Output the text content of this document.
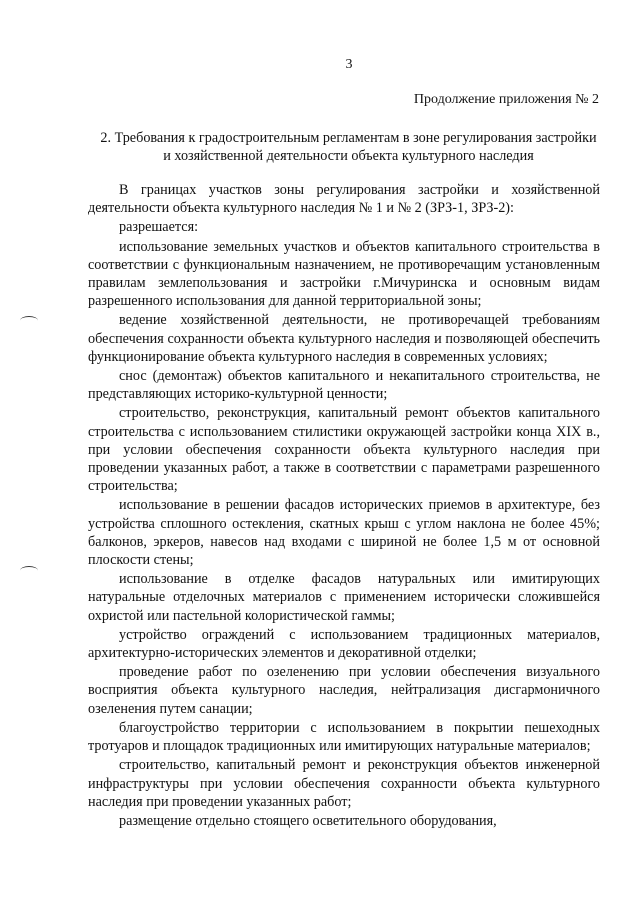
3
Продолжение приложения № 2
2. Требования к градостроительным регламентам в зоне регулирования застройки и хозяйственной деятельности объекта культурного наследия

В границах участков зоны регулирования застройки и хозяйственной деятельности объекта культурного наследия № 1 и № 2 (ЗРЗ-1, ЗРЗ-2):

разрешается:

использование земельных участков и объектов капитального строительства в соответствии с функциональным назначением, не противоречащим установленным правилам землепользования и застройки г.Мичуринска и основным видам разрешенного использования для данной территориальной зоны;

ведение хозяйственной деятельности, не противоречащей требованиям обеспечения сохранности объекта культурного наследия и позволяющей обеспечить функционирование объекта культурного наследия в современных условиях;

снос (демонтаж) объектов капитального и некапитального строительства, не представляющих историко-культурной ценности;

строительство, реконструкция, капитальный ремонт объектов капитального строительства с использованием стилистики окружающей застройки конца XIX в., при условии обеспечения сохранности объекта культурного наследия при проведении указанных работ, а также в соответствии с параметрами разрешенного строительства;

использование в решении фасадов исторических приемов в архитектуре, без устройства сплошного остекления, скатных крыш с углом наклона не более 45%; балконов, эркеров, навесов над входами с шириной не более 1,5 м от основной плоскости стены;

использование в отделке фасадов натуральных или имитирующих натуральные отделочных материалов с применением исторически сложившейся охристой или пастельной колористической гаммы;

устройство ограждений с использованием традиционных материалов, архитектурно-исторических элементов и декоративной отделки;

проведение работ по озеленению при условии обеспечения визуального восприятия объекта культурного наследия, нейтрализация дисгармоничного озеленения путем санации;

благоустройство территории с использованием в покрытии пешеходных тротуаров и площадок традиционных или имитирующих натуральные материалов;

строительство, капитальный ремонт и реконструкция объектов инженерной инфраструктуры при условии обеспечения сохранности объекта культурного наследия при проведении указанных работ;

размещение отдельно стоящего осветительного оборудования,
